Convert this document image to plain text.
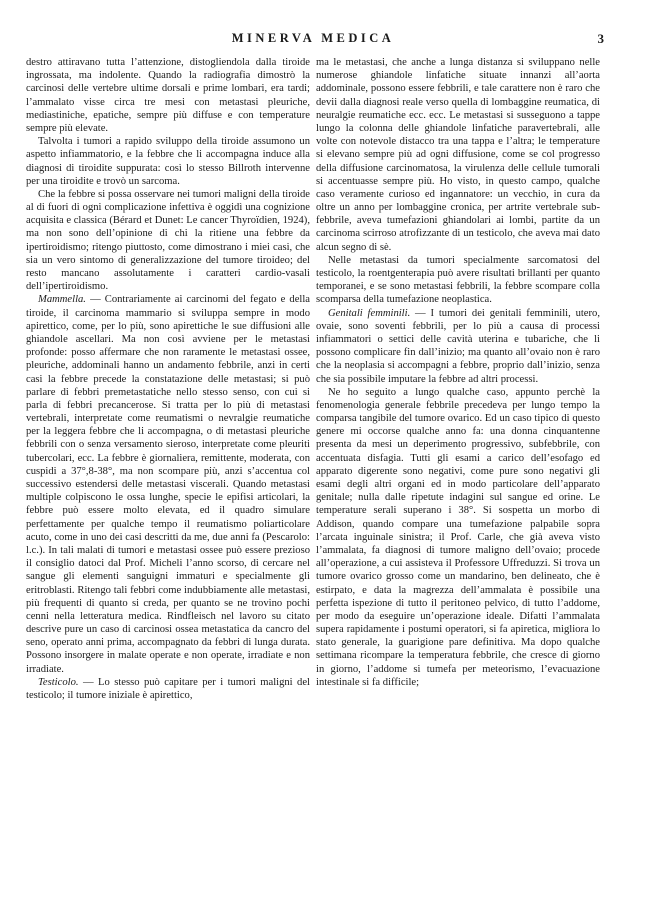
MINERVA MEDICA	3

destro attiravano tutta l’attenzione, distogliendola dalla tiroide ingrossata, ma indolente. Quando la radiografia dimostrò la carcinosi delle vertebre ultime dorsali e prime lombari, era tardi; l’ammalato visse circa tre mesi con metastasi pleuriche, mediastiniche, epatiche, sempre più diffuse e con temperature sempre più elevate.

Talvolta i tumori a rapido sviluppo della tiroide assumono un aspetto infiammatorio, e la febbre che li accompagna induce alla diagnosi di tiroidite suppurata: così lo stesso Billroth intervenne per una tiroidite e trovò un sarcoma.

Che la febbre si possa osservare nei tumori maligni della tiroide al di fuori di ogni complicazione infettiva è oggidì una cognizione acquisita e classica (Bérard et Dunet: Le cancer Thyroïdien, 1924), ma non sono dell’opinione di chi la ritiene una febbre da ipertiroidismo; ritengo piuttosto, come dimostrano i miei casi, che sia un vero sintomo di generalizzazione del tumore tiroideo; del resto mancano assolutamente i caratteri cardio-vasali dell’ipertiroidismo.

Mammella. — Contrariamente ai carcinomi del fegato e della tiroide, il carcinoma mammario si sviluppa sempre in modo apirettico, come, per lo più, sono apirettiche le sue diffusioni alle ghiandole ascellari. Ma non così avviene per le metastasi profonde: posso affermare che non raramente le metastasi ossee, pleuriche, addominali hanno un andamento febbrile, anzi in certi casi la febbre precede la constatazione delle metastasi; si può parlare di febbri premetastatiche nello stesso senso, con cui si parla di febbri precancerose. Si tratta per lo più di metastasi vertebrali, interpretate come reumatismi o nevralgie reumatiche per la leggera febbre che li accompagna, o di metastasi pleuriche febbrili con o senza versamento sieroso, interpretate come pleuriti tubercolari, ecc. La febbre è giornaliera, remittente, moderata, con cuspidi a 37°,8-38°, ma non scompare più, anzi s’accentua col successivo estendersi delle metastasi viscerali. Quando metastasi multiple colpiscono le ossa lunghe, specie le epifisi articolari, la febbre può essere molto elevata, ed il quadro simulare perfettamente per qualche tempo il reumatismo poliarticolare acuto, come in uno dei casi descritti da me, due anni fa (Pescarolo: l.c.). In tali malati di tumori e metastasi ossee può essere prezioso il consiglio datoci dal Prof. Micheli l’anno scorso, di cercare nel sangue gli elementi sanguigni immaturi e specialmente gli eritroblasti. Ritengo tali febbri come indubbiamente alle metastasi, più frequenti di quanto si creda, per quanto se ne trovino pochi cenni nella letteratura medica. Rindfleisch nel lavoro su citato descrive pure un caso di carcinosi ossea metastatica da cancro del seno, operato anni prima, accompagnato da febbri di lunga durata. Possono insorgere in malate operate e non operate, irradiate e non irradiate.

Testicolo. — Lo stesso può capitare per i tumori maligni del testicolo; il tumore iniziale è apirettico,

ma le metastasi, che anche a lunga distanza si sviluppano nelle numerose ghiandole linfatiche situate innanzi all’aorta addominale, possono essere febbrili, e tale carattere non è raro che devii dalla diagnosi reale verso quella di lombaggine reumatica, di neuralgie reumatiche ecc. ecc. Le metastasi si susseguono a tappe lungo la colonna delle ghiandole linfatiche paravertebrali, alle volte con notevole distacco tra una tappa e l’altra; le temperature si elevano sempre più ad ogni diffusione, come se col progresso della diffusione carcinomatosa, la virulenza delle cellule tumorali si accentuasse sempre più. Ho visto, in questo campo, qualche caso veramente curioso ed ingannatore: un vecchio, in cura da oltre un anno per lombaggine cronica, per artrite vertebrale sub-febbrile, aveva tumefazioni ghiandolari ai lombi, partite da un carcinoma scirroso atrofizzante di un testicolo, che aveva mai dato alcun segno di sè.

Nelle metastasi da tumori specialmente sarcomatosi del testicolo, la roentgenterapia può avere risultati brillanti per quanto temporanei, e se sono metastasi febbrili, la febbre scompare colla scomparsa della tumefazione neoplastica.

Genitali femminili. — I tumori dei genitali femminili, utero, ovaie, sono soventi febbrili, per lo più a causa di processi infiammatori o settici delle cavità uterina e tubariche, che li possono complicare fin dall’inizio; ma quanto all’ovaio non è raro che la neoplasia si accompagni a febbre, proprio dall’inizio, senza che sia possibile imputare la febbre ad altri processi.

Ne ho seguito a lungo qualche caso, appunto perchè la fenomenologia generale febbrile precedeva per lungo tempo la comparsa tangibile del tumore ovarico. Ed un caso tipico di questo genere mi occorse qualche anno fa: una donna cinquantenne presenta da mesi un deperimento progressivo, subfebbrile, con accentuata disfagia. Tutti gli esami a carico dell’esofago ed apparato digerente sono negativi, come pure sono negativi gli esami degli altri organi ed in modo particolare dell’apparato genitale; nulla dalle ripetute indagini sul sangue ed orine. Le temperature serali superano i 38°. Si sospetta un morbo di Addison, quando compare una tumefazione palpabile sopra l’arcata inguinale sinistra; il Prof. Carle, che già aveva visto l’ammalata, fa diagnosi di tumore maligno dell’ovaio; procede all’operazione, a cui assisteva il Professore Uffreduzzi. Si trova un tumore ovarico grosso come un mandarino, ben delineato, che è estirpato, e data la magrezza dell’ammalata è possibile una perfetta ispezione di tutto il peritoneo pelvico, di tutto l’addome, per modo da eseguire un’operazione ideale. Difatti l’ammalata supera rapidamente i postumi operatori, si fa apiretica, migliora lo stato generale, la guarigione pare definitiva. Ma dopo qualche settimana ricompare la temperatura febbrile, che cresce di giorno in giorno, l’addome si tumefa per meteorismo, l’evacuazione intestinale si fa difficile;
